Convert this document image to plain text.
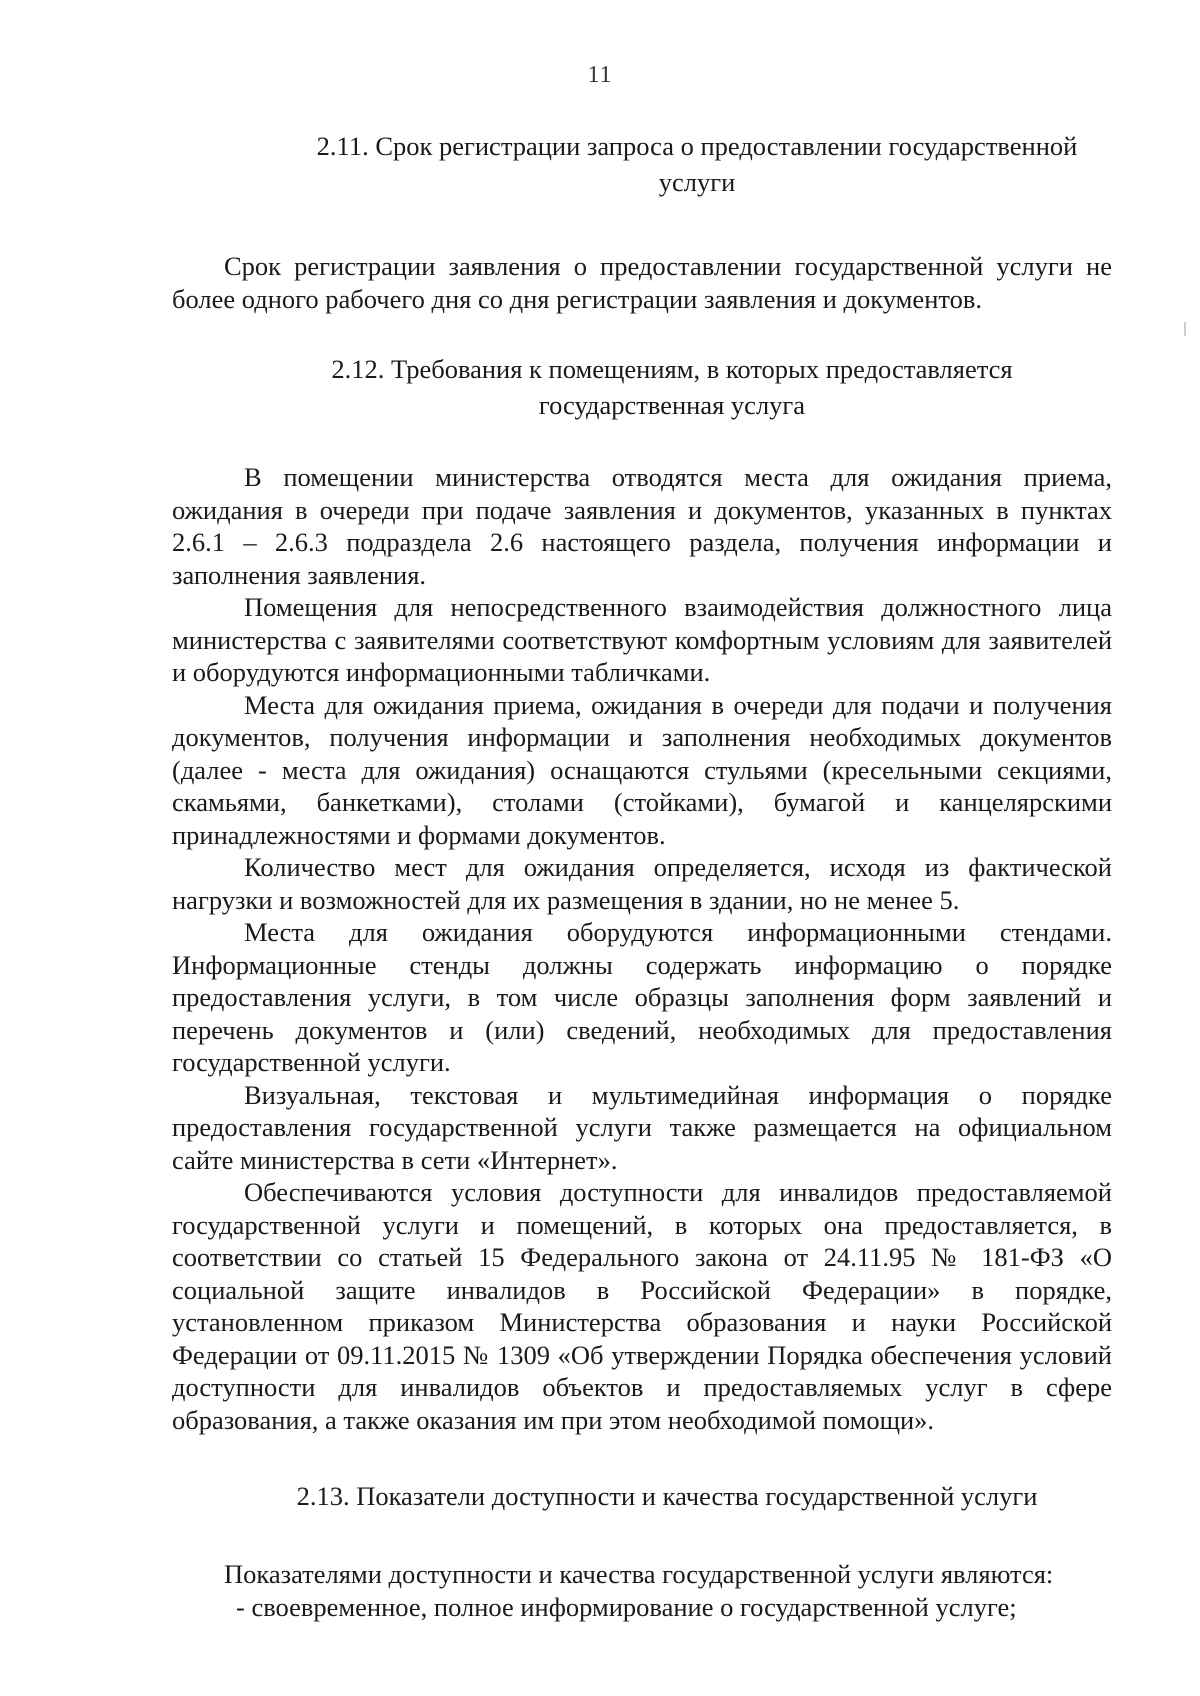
11
2.11. Срок регистрации запроса о предоставлении государственной
услуги

Срок регистрации заявления о предоставлении государственной услуги не более одного рабочего дня со дня регистрации заявления и документов.

2.12. Требования к помещениям, в которых предоставляется
государственная услуга

В помещении министерства отводятся места для ожидания приема, ожидания в очереди при подаче заявления и документов, указанных в пунктах 2.6.1 – 2.6.3 подраздела 2.6 настоящего раздела, получения информации и заполнения заявления.

Помещения для непосредственного взаимодействия должностного лица министерства с заявителями соответствуют комфортным условиям для заявителей и оборудуются информационными табличками.

Места для ожидания приема, ожидания в очереди для подачи и получения документов, получения информации и заполнения необходимых документов (далее - места для ожидания) оснащаются стульями (кресельными секциями, скамьями, банкетками), столами (стойками), бумагой и канцелярскими принадлежностями и формами документов.

Количество мест для ожидания определяется, исходя из фактической нагрузки и возможностей для их размещения в здании, но не менее 5.

Места для ожидания оборудуются информационными стендами. Информационные стенды должны содержать информацию о порядке предоставления услуги, в том числе образцы заполнения форм заявлений и перечень документов и (или) сведений, необходимых для предоставления государственной услуги.

Визуальная, текстовая и мультимедийная информация о порядке предоставления государственной услуги также размещается на официальном сайте министерства в сети «Интернет».

Обеспечиваются условия доступности для инвалидов предоставляемой государственной услуги и помещений, в которых она предоставляется, в соответствии со статьей 15 Федерального закона от 24.11.95 № 181-ФЗ «О социальной защите инвалидов в Российской Федерации» в порядке, установленном приказом Министерства образования и науки Российской Федерации от 09.11.2015 № 1309 «Об утверждении Порядка обеспечения условий доступности для инвалидов объектов и предоставляемых услуг в сфере образования, а также оказания им при этом необходимой помощи».

2.13. Показатели доступности и качества государственной услуги

Показателями доступности и качества государственной услуги являются:

- своевременное, полное информирование о государственной услуге;
